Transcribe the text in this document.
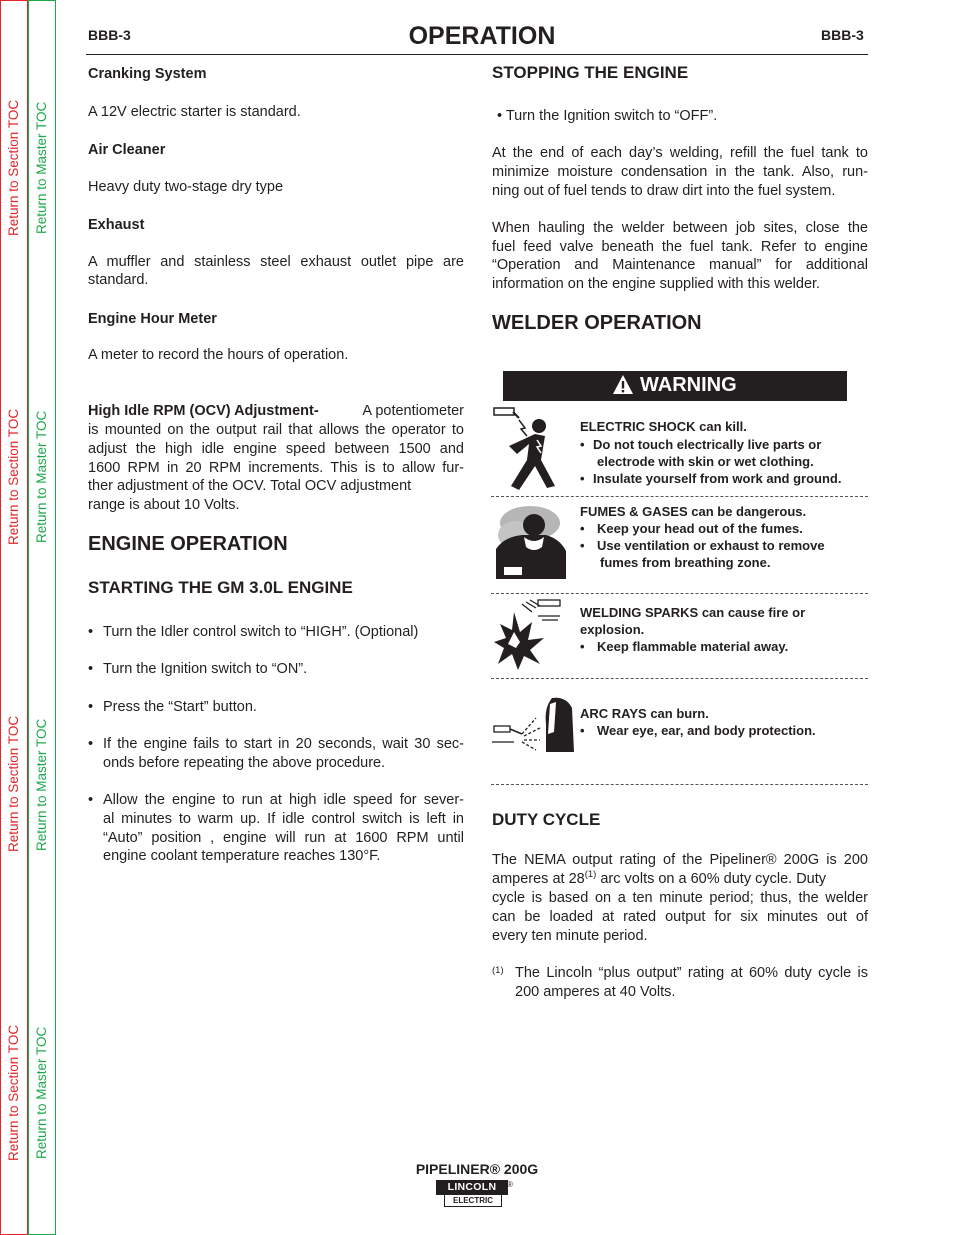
Return to Section TOC
Return to Section TOC
Return to Section TOC
Return to Section TOC
Return to Master TOC
Return to Master TOC
Return to Master TOC
Return to Master TOC
BBB-3	OPERATION	BBB-3

Cranking System

A 12V electric starter is standard.
Air Cleaner
Heavy duty two-stage dry type
Exhaust
A muffler and stainless steel exhaust outlet pipe are
standard.
Engine Hour Meter
A meter to record the hours of operation.
High Idle RPM (OCV) Adjustment-	A potentiometer
is mounted on the output rail that allows the operator to
adjust the high idle engine speed between 1500 and
1600 RPM in 20 RPM increments. This is to allow fur-
ther adjustment of the OCV. Total OCV adjustment
range is about 10 Volts.
ENGINE OPERATION
STARTING THE GM 3.0L ENGINE
• Turn the Idler control switch to “HIGH”. (Optional)
• Turn the Ignition switch to “ON”.
• Press the “Start” button.
• If the engine fails to start in 20 seconds, wait 30 sec-
onds before repeating the above procedure.
• Allow the engine to run at high idle speed for sever-
al minutes to warm up. If idle control switch is left in
“Auto” position , engine will run at 1600 RPM until
engine coolant temperature reaches 130°F.
STOPPING THE ENGINE
• Turn the Ignition switch to “OFF”.
At the end of each day’s welding, refill the fuel tank to
minimize moisture condensation in the tank. Also, run-
ning out of fuel tends to draw dirt into the fuel system.
When hauling the welder between job sites, close the
fuel feed valve beneath the fuel tank. Refer to engine
“Operation   and   Maintenance   manual”   for   additional
information on the engine supplied with this welder.
WELDER OPERATION
WARNING
ELECTRIC SHOCK can kill.
• Do not touch electrically live parts or
electrode with skin or wet clothing.
• Insulate yourself from work and ground.
FUMES & GASES can be dangerous.
• Keep your head out of the fumes.
• Use ventilation or exhaust to remove
fumes from breathing zone.
WELDING SPARKS can cause fire or
explosion.
• Keep flammable material away.
ARC RAYS can burn.
• Wear eye, ear, and body protection.
DUTY CYCLE
The NEMA output rating of the Pipeliner® 200G is 200
amperes at 28$^{(1)}$ arc volts on a 60% duty cycle. Duty
cycle is based on a ten minute period; thus, the welder
can be loaded at rated output for six minutes out of
every ten minute period.
(1) The Lincoln “plus output” rating at 60% duty cycle is
200 amperes at 40 Volts.
PIPELINER® 200G
LINCOLN
ELECTRIC
®
